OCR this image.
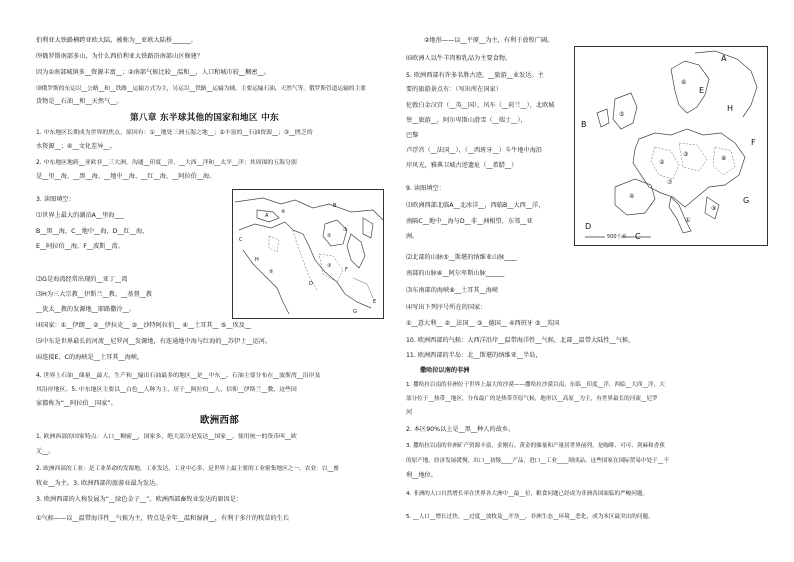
伯利亚大铁路横跨亚欧大陆，被称为__亚欧大陆桥______。
⑼俄罗斯南部多山，为什么西伯利亚大铁路沿南部山区修建？
因为①南部城镇多__资源丰富__；②南部气候比较__温和__，人口和城市较__稠密__。
⑽俄罗斯的东运以__公路__和__铁路__运输方式为主，另运以__铁路__运输为辅，主要运输石油，天然气等。俄罗斯管道运输的主要
货物是__石油__和__天然气__。
第八章 东半球其他的国家和地区 中东
1. 中东地区长期成为世界的焦点，原因有：①__地处三洲五海之地__；②丰富的__石油资源__；③__匮乏的
水资源__；④__文化差异__。
2. 中东地区地跨__亚欧非__三大洲，沟通__印度__洋、__大西__洋和__太平__洋；其周围的五海分别
是__里__海、__黑__海、__地中__海、__红__海、__阿拉伯__海。
3. 读图填空：
⑴世界上最大的湖泊A__里海___
B__黑__海，C__地中__海，D__红__海，
E__阿拉伯__海，F__波斯__湾。
⑵G是海湾经常出现的__亚丁__湾
⑶H为三大宗教__伊斯兰__教、__基督__教
__犹太__教的发源地__耶路撒冷__。
⑷国家：①__伊朗__ ②__伊拉克__ ③__沙特阿拉伯__ ④__土耳其__ ⑤__埃及__
⑸中东是世界最长的河流__尼罗河__发源地，有连通地中海与红海的__苏伊士__运河。
⑹连接E、C的海峡是__土耳其__海峡。
4. 世界上石油__储量__最大，生产和__输出石油最多的地区__是__中东__。石油主要分布在__波斯湾__沿岸及
其沿岸地区。5. 中东地区主要以__白色__人种为主，居于__阿拉伯__人，信仰__伊斯兰__教，这些国
家都称为“__阿拉伯__国家”。
欧洲西部
1. 欧洲西部的国家特点：人口__稠密__，国家多，绝大部分是发达__国家__，使用统一的货币叫__欧
元__。
2. 欧洲西部的工业：是工业革命的发源地，工业发达，工业中心多，是世界上最主要的工业密集地区之一。农业：以__畜
牧业__为主。3. 欧洲西部的旅游业最为发达。
3. 欧洲西部的人称发展为“__绿色金子__”。欧洲西部畜牧业发达的原因是：
①气候——以__温带海洋性__气候为主，特点是全年__温和湿润__，有利于多汁的牧草的生长
A
B
C
D
E
F
G
H
①
②
③
④
⑤
②地形——以__平原__为主，有利于放牧广阔。
⑹欧洲人以牛羊肉和乳品为主要食物。
5. 欧洲西部有许多名胜古迹，__旅游__业发达。主
要的旅游景点有：（写出所在国家）
伦敦白金汉宫（__英__国），风车（__荷兰__），北欧城
堡__旅游__，阿尔卑斯山滑雪（__瑞士__），
巴黎
卢浮宫（__法国__），（__西班牙__）斗牛地中海沿
岸风光，雅典卫城古迹遗址（__希腊__）
9. 读图填空：
⑴欧洲西部北临A__北冰洋__，西临B__大西__洋，
南隔C__地中__海与D__非__洲相望，东邻__亚
洲。
⑵北部的山脉⑤__斯堪的纳维亚山脉____
南部的山脉⑥__阿尔卑斯山脉______
⑶东南部的海峡⑧__土耳其__海峡
⑷写出下列序号所在的国家：
①__意大利__ ②__法国__ ③__德国__ ④西班牙 ⑤__英国
10. 欧洲西部的气候：大西洋沿岸__温带海洋性__气候，北部__温带大陆性__气候，
11. 欧洲西部的半岛：北__斯堪的纳维亚__半岛，
撒哈拉以南的非洲
1. 撒哈拉以南的非洲位于世界上最大的沙漠——撒哈拉沙漠以南，东临__印度__洋，西临__大西__洋，大
部分位于__热带__地区，分布最广的是热带草原气候，地形以__高原__为主，有世界最长的河流__尼罗
河
2. 本区90%以上是__黑__种人的故乡。
3. 撒哈拉以南的非洲矿产资源丰富，金刚石、黄金的储量和产量居世界前列。是咖啡、可可、剑麻和香蕉
的原产地。经济发展缓慢，出口__初级____产品，进口__工业____制成品。这些国家在国际贸易中处于__不
利__地位。
4. 非洲的人口自然增长率在世界各大洲中__最__位，粮食问题已经成为非洲各国面临的严峻问题。
5. __人口__增长过快，__过度__放牧及__开垦__，非洲生态__环境__恶化，成为本区最突出的问题。
A
B
C
D
E
F
G
H
①
②
③
④
⑤
⑥
⑦
⑧
⑨
500千米
